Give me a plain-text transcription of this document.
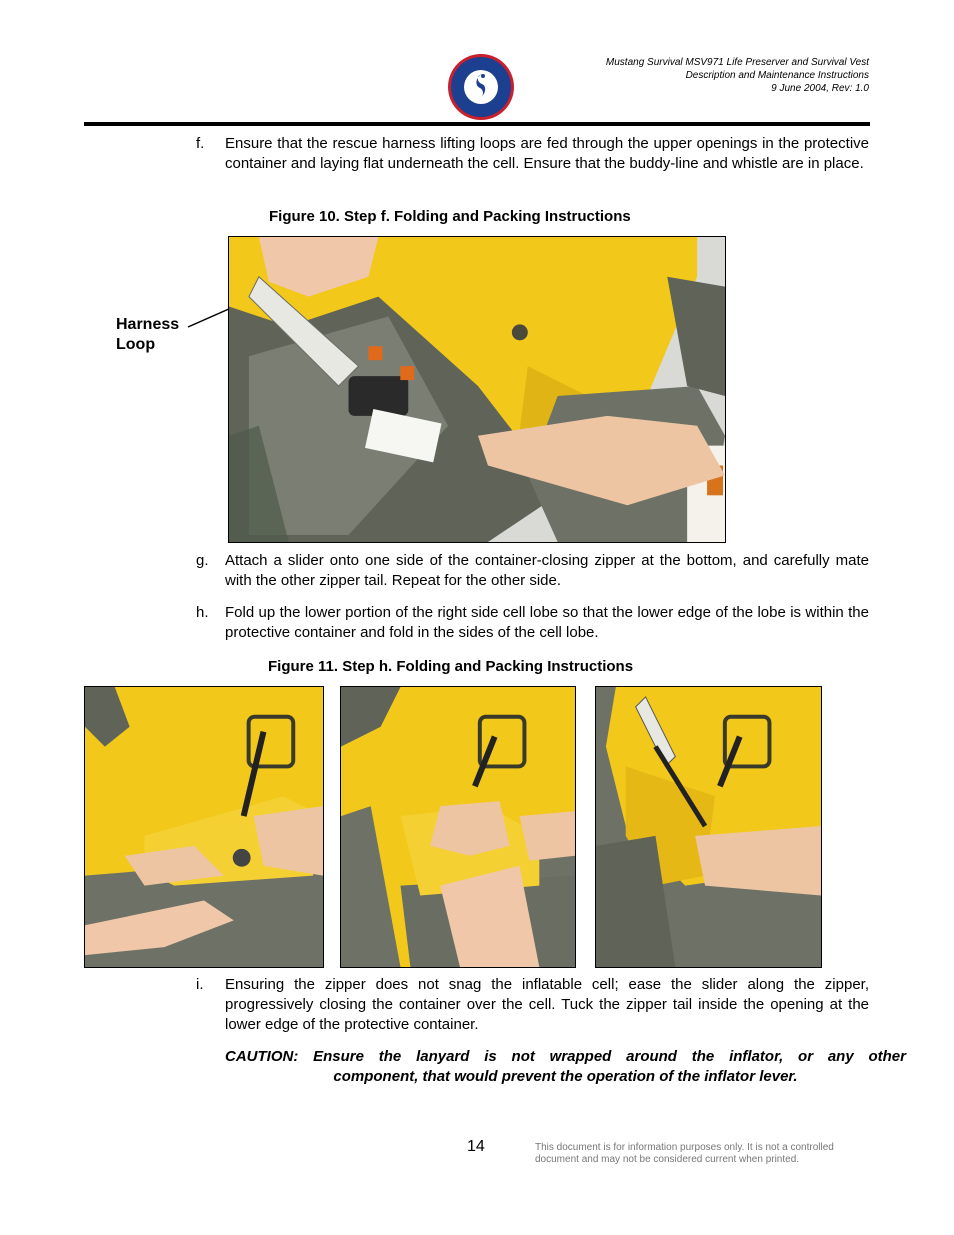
Mustang Survival MSV971 Life Preserver and Survival Vest
Description and Maintenance Instructions
9 June 2004, Rev: 1.0
f. Ensure that the rescue harness lifting loops are fed through the upper openings in the protective container and laying flat underneath the cell. Ensure that the buddy-line and whistle are in place.
Figure 10. Step f. Folding and Packing Instructions
Harness
Loop
g. Attach a slider onto one side of the container-closing zipper at the bottom, and carefully mate with the other zipper tail. Repeat for the other side.
h. Fold up the lower portion of the right side cell lobe so that the lower edge of the lobe is within the protective container and fold in the sides of the cell lobe.
Figure 11. Step h. Folding and Packing Instructions
i. Ensuring the zipper does not snag the inflatable cell; ease the slider along the zipper, progressively closing the container over the cell. Tuck the zipper tail inside the opening at the lower edge of the protective container.
CAUTION: Ensure the lanyard is not wrapped around the inflator, or any other
component, that would prevent the operation of the inflator lever.
14	This document is for information purposes only. It is not a controlled
document and may not be considered current when printed.
